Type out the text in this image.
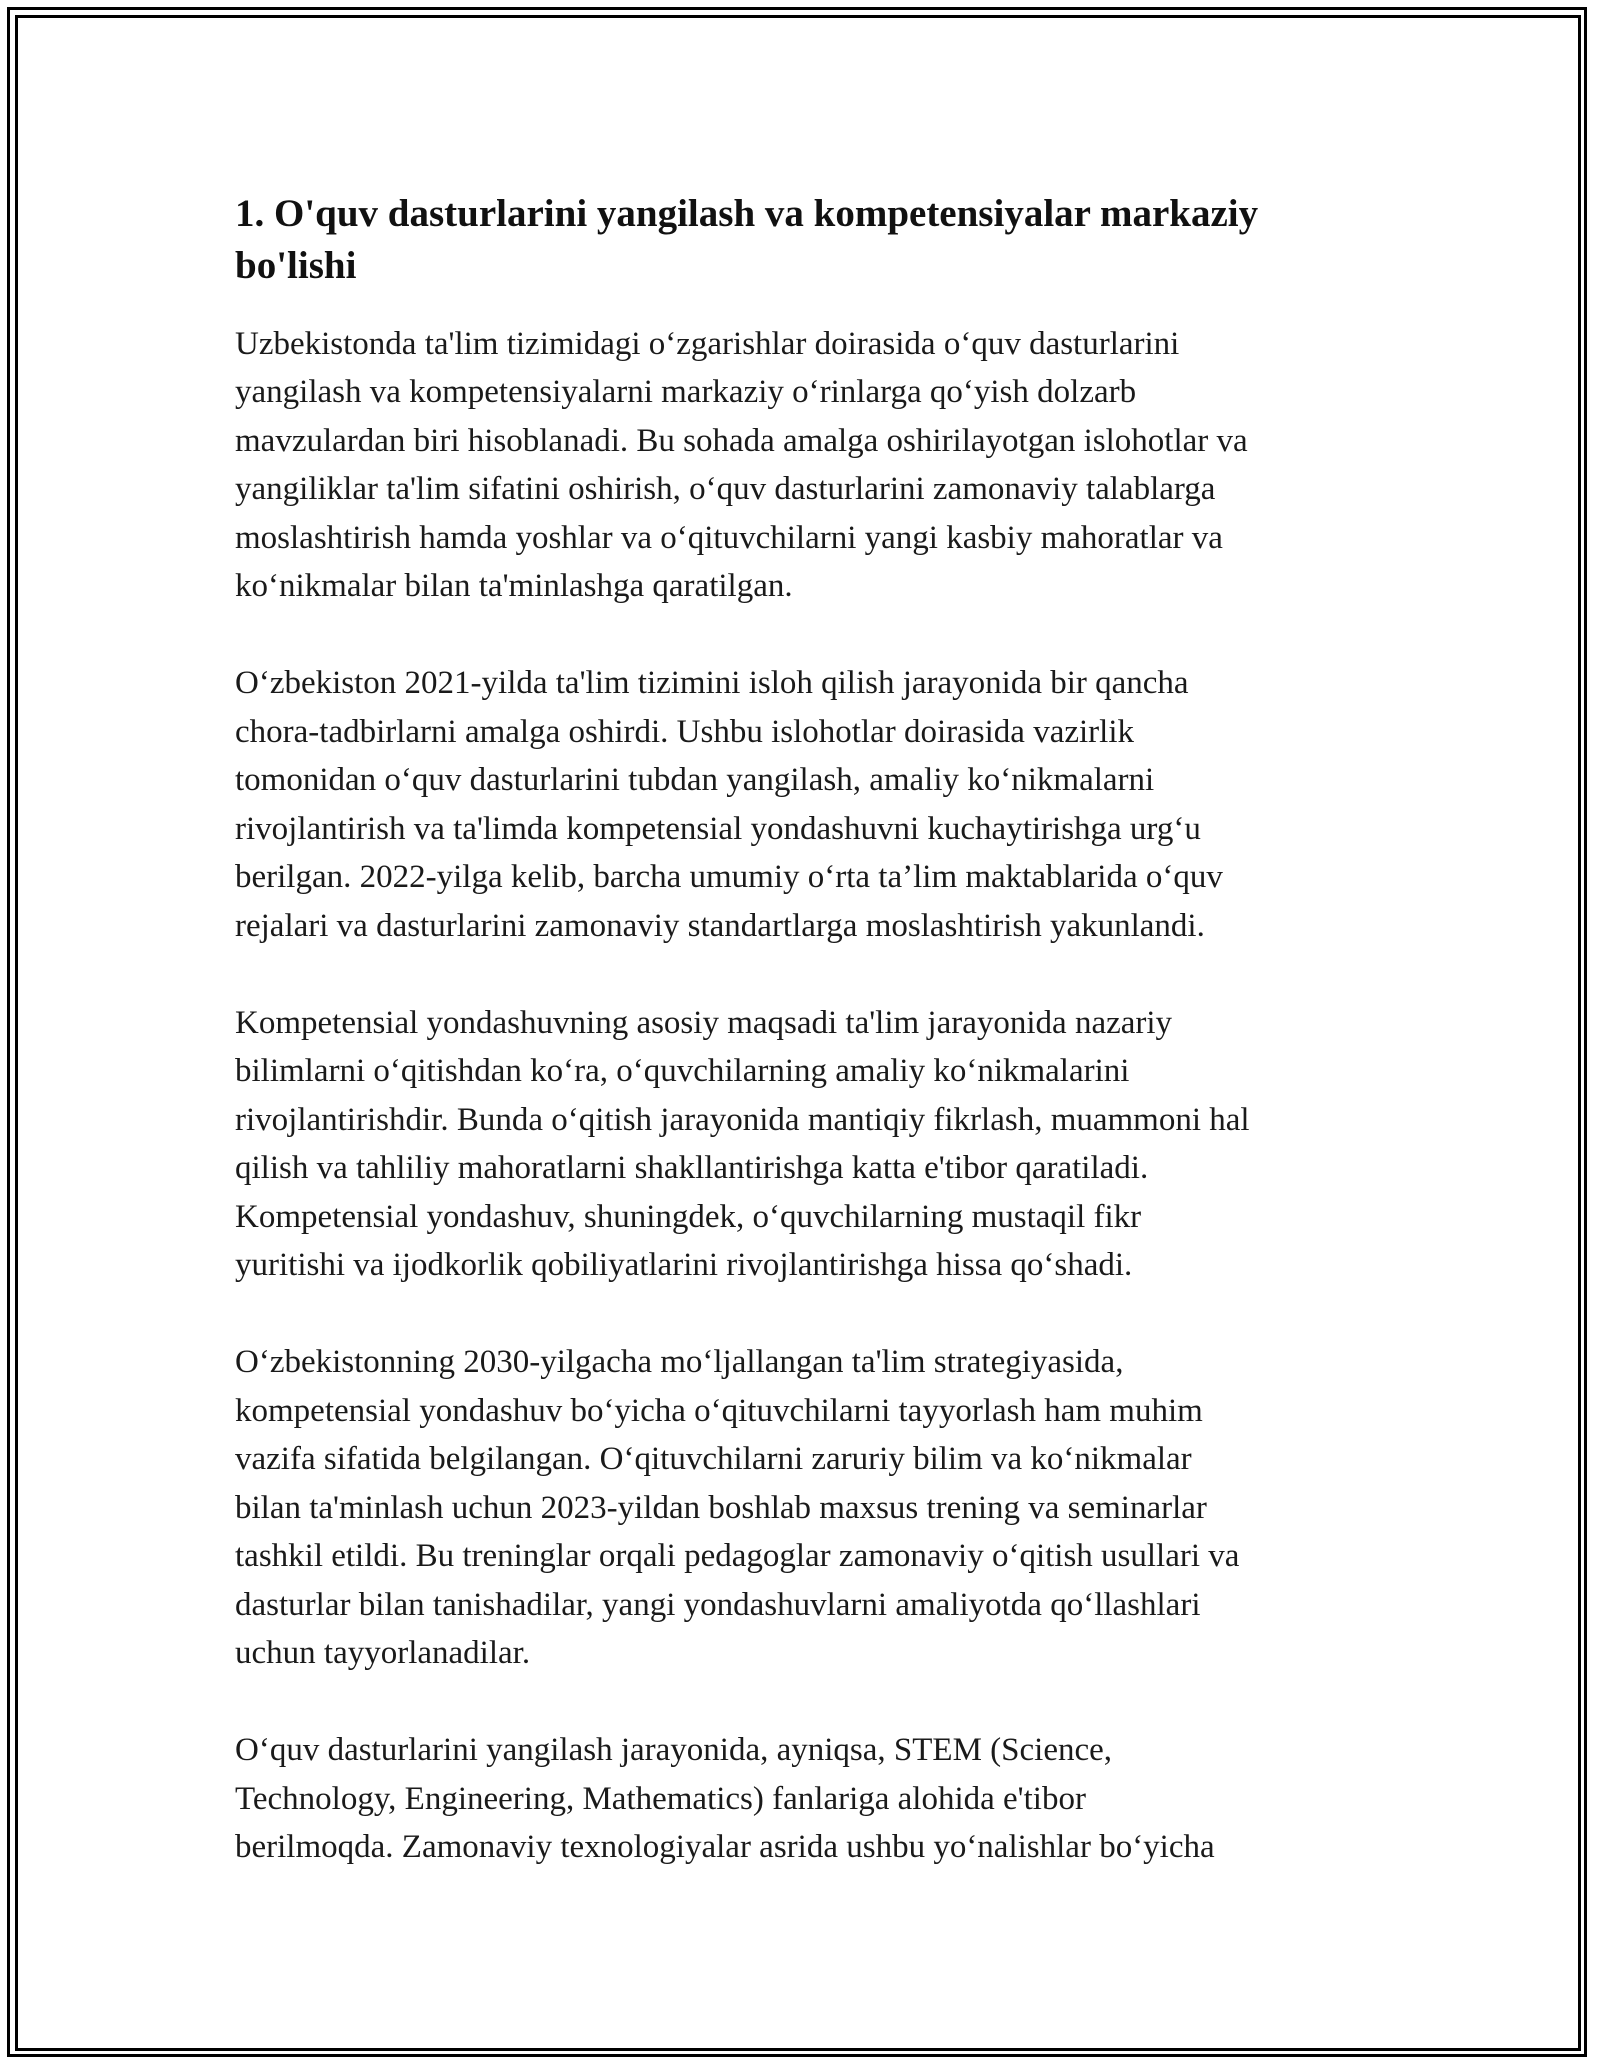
1. O'quv dasturlarini yangilash va kompetensiyalar markaziy
bo'lishi

Uzbekistonda ta'lim tizimidagi o‘zgarishlar doirasida o‘quv dasturlarini
yangilash va kompetensiyalarni markaziy o‘rinlarga qo‘yish dolzarb
mavzulardan biri hisoblanadi. Bu sohada amalga oshirilayotgan islohotlar va
yangiliklar ta'lim sifatini oshirish, o‘quv dasturlarini zamonaviy talablarga
moslashtirish hamda yoshlar va o‘qituvchilarni yangi kasbiy mahoratlar va
ko‘nikmalar bilan ta'minlashga qaratilgan.

O‘zbekiston 2021-yilda ta'lim tizimini isloh qilish jarayonida bir qancha
chora-tadbirlarni amalga oshirdi. Ushbu islohotlar doirasida vazirlik
tomonidan o‘quv dasturlarini tubdan yangilash, amaliy ko‘nikmalarni
rivojlantirish va ta'limda kompetensial yondashuvni kuchaytirishga urg‘u
berilgan. 2022-yilga kelib, barcha umumiy o‘rta ta’lim maktablarida o‘quv
rejalari va dasturlarini zamonaviy standartlarga moslashtirish yakunlandi.

Kompetensial yondashuvning asosiy maqsadi ta'lim jarayonida nazariy
bilimlarni o‘qitishdan ko‘ra, o‘quvchilarning amaliy ko‘nikmalarini
rivojlantirishdir. Bunda o‘qitish jarayonida mantiqiy fikrlash, muammoni hal
qilish va tahliliy mahoratlarni shakllantirishga katta e'tibor qaratiladi.
Kompetensial yondashuv, shuningdek, o‘quvchilarning mustaqil fikr
yuritishi va ijodkorlik qobiliyatlarini rivojlantirishga hissa qo‘shadi.

O‘zbekistonning 2030-yilgacha mo‘ljallangan ta'lim strategiyasida,
kompetensial yondashuv bo‘yicha o‘qituvchilarni tayyorlash ham muhim
vazifa sifatida belgilangan. O‘qituvchilarni zaruriy bilim va ko‘nikmalar
bilan ta'minlash uchun 2023-yildan boshlab maxsus trening va seminarlar
tashkil etildi. Bu treninglar orqali pedagoglar zamonaviy o‘qitish usullari va
dasturlar bilan tanishadilar, yangi yondashuvlarni amaliyotda qo‘llashlari
uchun tayyorlanadilar.

O‘quv dasturlarini yangilash jarayonida, ayniqsa, STEM (Science,
Technology, Engineering, Mathematics) fanlariga alohida e'tibor
berilmoqda. Zamonaviy texnologiyalar asrida ushbu yo‘nalishlar bo‘yicha
